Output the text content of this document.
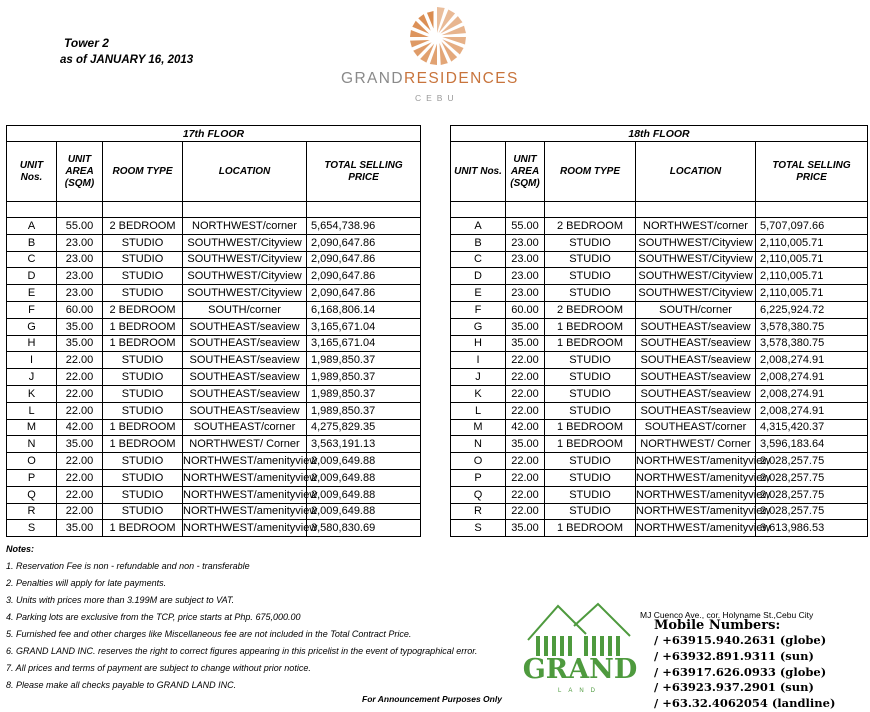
Tower 2
as of JANUARY 16, 2013
GRANDRESIDENCES
CEBU
17th FLOOR				
UNIT
Nos.	UNIT
AREA
(SQM)	ROOM TYPE	LOCATION	TOTAL SELLING
PRICE

A	55.00	2 BEDROOM	NORTHWEST/corner	5,654,738.96
B	23.00	STUDIO	SOUTHWEST/Cityview	2,090,647.86
C	23.00	STUDIO	SOUTHWEST/Cityview	2,090,647.86
D	23.00	STUDIO	SOUTHWEST/Cityview	2,090,647.86
E	23.00	STUDIO	SOUTHWEST/Cityview	2,090,647.86
F	60.00	2 BEDROOM	SOUTH/corner	6,168,806.14
G	35.00	1 BEDROOM	SOUTHEAST/seaview	3,165,671.04
H	35.00	1 BEDROOM	SOUTHEAST/seaview	3,165,671.04
I	22.00	STUDIO	SOUTHEAST/seaview	1,989,850.37
J	22.00	STUDIO	SOUTHEAST/seaview	1,989,850.37
K	22.00	STUDIO	SOUTHEAST/seaview	1,989,850.37
L	22.00	STUDIO	SOUTHEAST/seaview	1,989,850.37
M	42.00	1 BEDROOM	SOUTHEAST/corner	4,275,829.35
N	35.00	1 BEDROOM	NORTHWEST/ Corner	3,563,191.13
O	22.00	STUDIO	NORTHWEST/amenityview	2,009,649.88
P	22.00	STUDIO	NORTHWEST/amenityview	2,009,649.88
Q	22.00	STUDIO	NORTHWEST/amenityview	2,009,649.88
R	22.00	STUDIO	NORTHWEST/amenityview	2,009,649.88
S	35.00	1 BEDROOM	NORTHWEST/amenityview	3,580,830.69
18th FLOOR				
UNIT Nos.	UNIT
AREA
(SQM)	ROOM TYPE	LOCATION	TOTAL SELLING PRICE

A	55.00	2 BEDROOM	NORTHWEST/corner	5,707,097.66
B	23.00	STUDIO	SOUTHWEST/Cityview	2,110,005.71
C	23.00	STUDIO	SOUTHWEST/Cityview	2,110,005.71
D	23.00	STUDIO	SOUTHWEST/Cityview	2,110,005.71
E	23.00	STUDIO	SOUTHWEST/Cityview	2,110,005.71
F	60.00	2 BEDROOM	SOUTH/corner	6,225,924.72
G	35.00	1 BEDROOM	SOUTHEAST/seaview	3,578,380.75
H	35.00	1 BEDROOM	SOUTHEAST/seaview	3,578,380.75
I	22.00	STUDIO	SOUTHEAST/seaview	2,008,274.91
J	22.00	STUDIO	SOUTHEAST/seaview	2,008,274.91
K	22.00	STUDIO	SOUTHEAST/seaview	2,008,274.91
L	22.00	STUDIO	SOUTHEAST/seaview	2,008,274.91
M	42.00	1 BEDROOM	SOUTHEAST/corner	4,315,420.37
N	35.00	1 BEDROOM	NORTHWEST/ Corner	3,596,183.64
O	22.00	STUDIO	NORTHWEST/amenityview	2,028,257.75
P	22.00	STUDIO	NORTHWEST/amenityview	2,028,257.75
Q	22.00	STUDIO	NORTHWEST/amenityview	2,028,257.75
R	22.00	STUDIO	NORTHWEST/amenityview	2,028,257.75
S	35.00	1 BEDROOM	NORTHWEST/amenityview	3,613,986.53

Notes:

1. Reservation Fee is non - refundable and non - transferable

2. Penalties will apply for late payments.

3. Units with prices more than 3.199M are subject to VAT.

4. Parking lots are exclusive from the TCP, price starts at Php. 675,000.00

5. Furnished fee and other charges like Miscellaneous fee are not included in the Total Contract Price.

6. GRAND LAND INC. reserves the right to correct figures appearing in this pricelist in the event of typographical error.

7. All prices and terms of payment are subject to change without prior notice.

8. Please make all checks payable to GRAND LAND INC.

For Announcement Purposes Only
GRAND
LAND
MJ Cuenco Ave., cor. Holyname St.,Cebu City
Mobile Numbers:

/ +63915.940.2631 (globe)

/ +63932.891.9311 (sun)

/ +63917.626.0933 (globe)

/ +63923.937.2901 (sun)

/ +63.32.4062054 (landline)
